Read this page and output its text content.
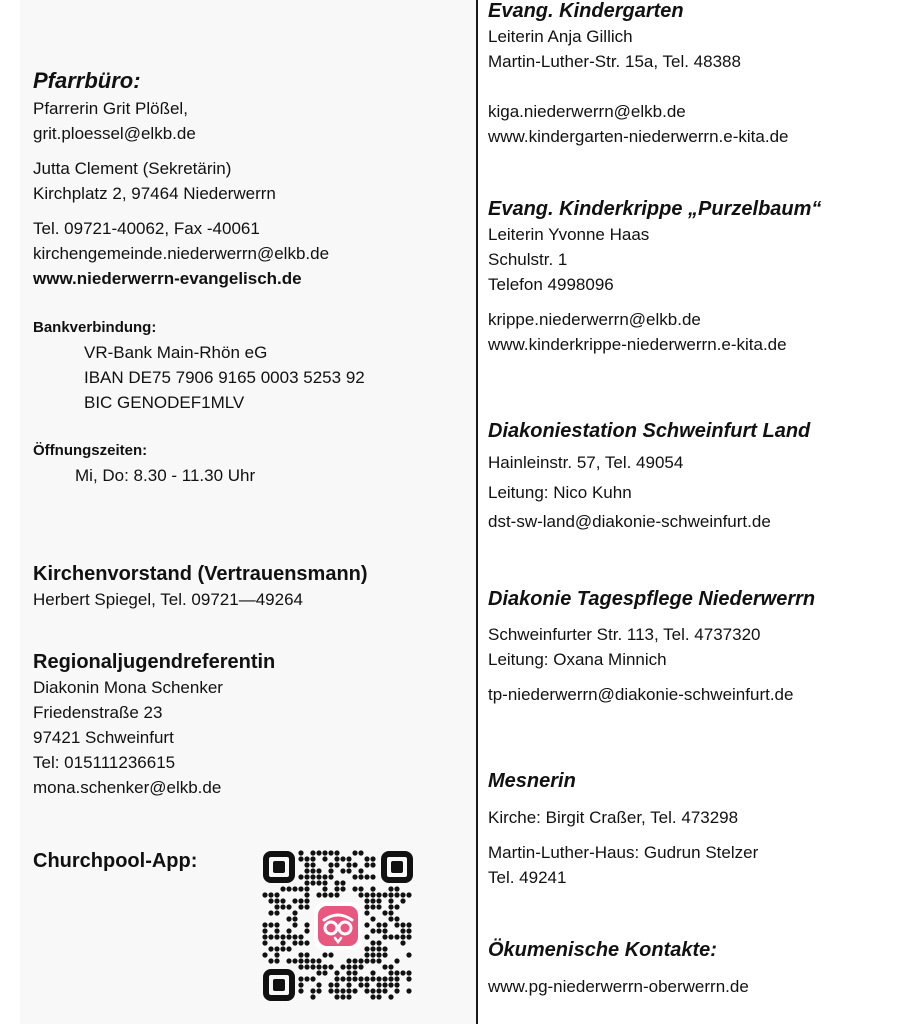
Pfarrbüro:
Pfarrerin Grit Plößel,
grit.ploessel@elkb.de
Jutta Clement (Sekretärin)
Kirchplatz 2, 97464 Niederwerrn
Tel. 09721-40062, Fax -40061
kirchengemeinde.niederwerrn@elkb.de
www.niederwerrn-evangelisch.de
Bankverbindung:
VR-Bank Main-Rhön eG
IBAN DE75 7906 9165 0003 5253 92
BIC GENODEF1MLV
Öffnungszeiten:
Mi, Do: 8.30 - 11.30 Uhr
Kirchenvorstand (Vertrauensmann)
Herbert Spiegel, Tel. 09721—49264
Regionaljugendreferentin
Diakonin Mona Schenker
Friedenstraße 23
97421 Schweinfurt
Tel: 015111236615
mona.schenker@elkb.de
Churchpool-App:
Evang. Kindergarten
Leiterin Anja Gillich
Martin-Luther-Str. 15a, Tel. 48388
kiga.niederwerrn@elkb.de
www.kindergarten-niederwerrn.e-kita.de
Evang. Kinderkrippe „Purzelbaum“
Leiterin Yvonne Haas
Schulstr. 1
Telefon 4998096
krippe.niederwerrn@elkb.de
www.kinderkrippe-niederwerrn.e-kita.de
Diakoniestation Schweinfurt Land
Hainleinstr. 57, Tel. 49054
Leitung: Nico Kuhn
dst-sw-land@diakonie-schweinfurt.de
Diakonie Tagespflege Niederwerrn
Schweinfurter Str. 113, Tel. 4737320
Leitung: Oxana Minnich
tp-niederwerrn@diakonie-schweinfurt.de
Mesnerin
Kirche: Birgit Craßer, Tel. 473298
Martin-Luther-Haus: Gudrun Stelzer
Tel. 49241
Ökumenische Kontakte:
www.pg-niederwerrn-oberwerrn.de
